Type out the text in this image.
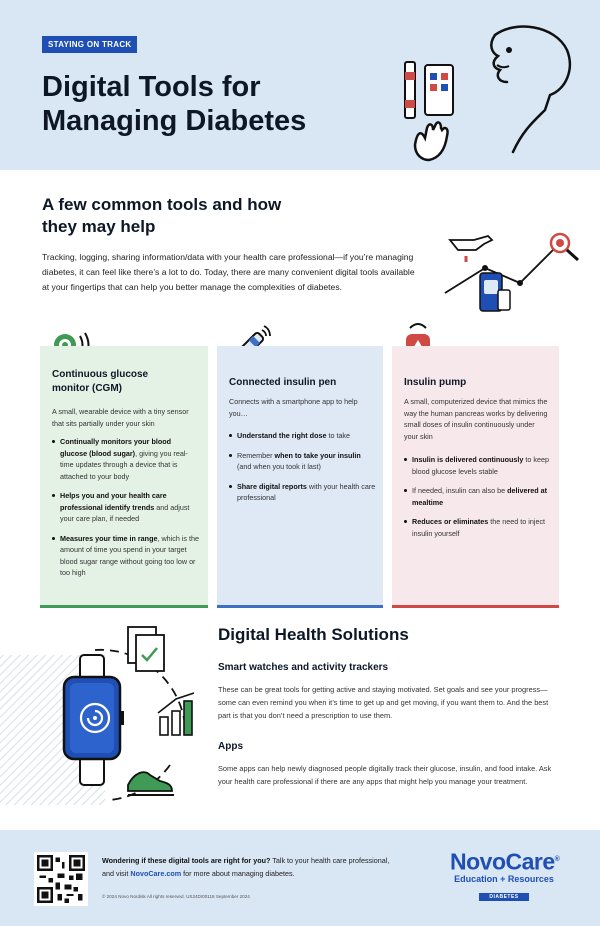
STAYING ON TRACK
Digital Tools for
Managing Diabetes
A few common tools and how
they may help
Tracking, logging, sharing information/data with your health care professional—if you’re managing diabetes, it can feel like there’s a lot to do. Today, there are many convenient digital tools available at your fingertips that can help you better manage the complexities of diabetes.
Continuous glucose
monitor (CGM)
A small, wearable device with a tiny sensor that sits partially under your skin
Continually monitors your blood glucose (blood sugar), giving you real-time updates through a device that is attached to your body
Helps you and your health care professional identify trends and adjust your care plan, if needed
Measures your time in range, which is the amount of time you spend in your target blood sugar range without going too low or too high
Connected insulin pen
Connects with a smartphone app to help you…
Understand the right dose to take
Remember when to take your insulin (and when you took it last)
Share digital reports with your health care professional
Insulin pump
A small, computerized device that mimics the way the human pancreas works by delivering small doses of insulin continuously under your skin
Insulin is delivered continuously to keep blood glucose levels stable
If needed, insulin can also be delivered at mealtime
Reduces or eliminates the need to inject insulin yourself
Digital Health Solutions
Smart watches and activity trackers
These can be great tools for getting active and staying motivated. Set goals and see your progress—some can even remind you when it’s time to get up and get moving, if you want them to. And the best part is that you don’t need a prescription to use them.
Apps
Some apps can help newly diagnosed people digitally track their glucose, insulin, and food intake. Ask your health care professional if there are any apps that might help you manage your treatment.
Wondering if these digital tools are right for you? Talk to your health care professional, and visit NovoCare.com for more about managing diabetes.
© 2024 Novo Nordisk All rights reserved. US24DI00118 September 2024
NovoCare®
Education + Resources
DIABETES
